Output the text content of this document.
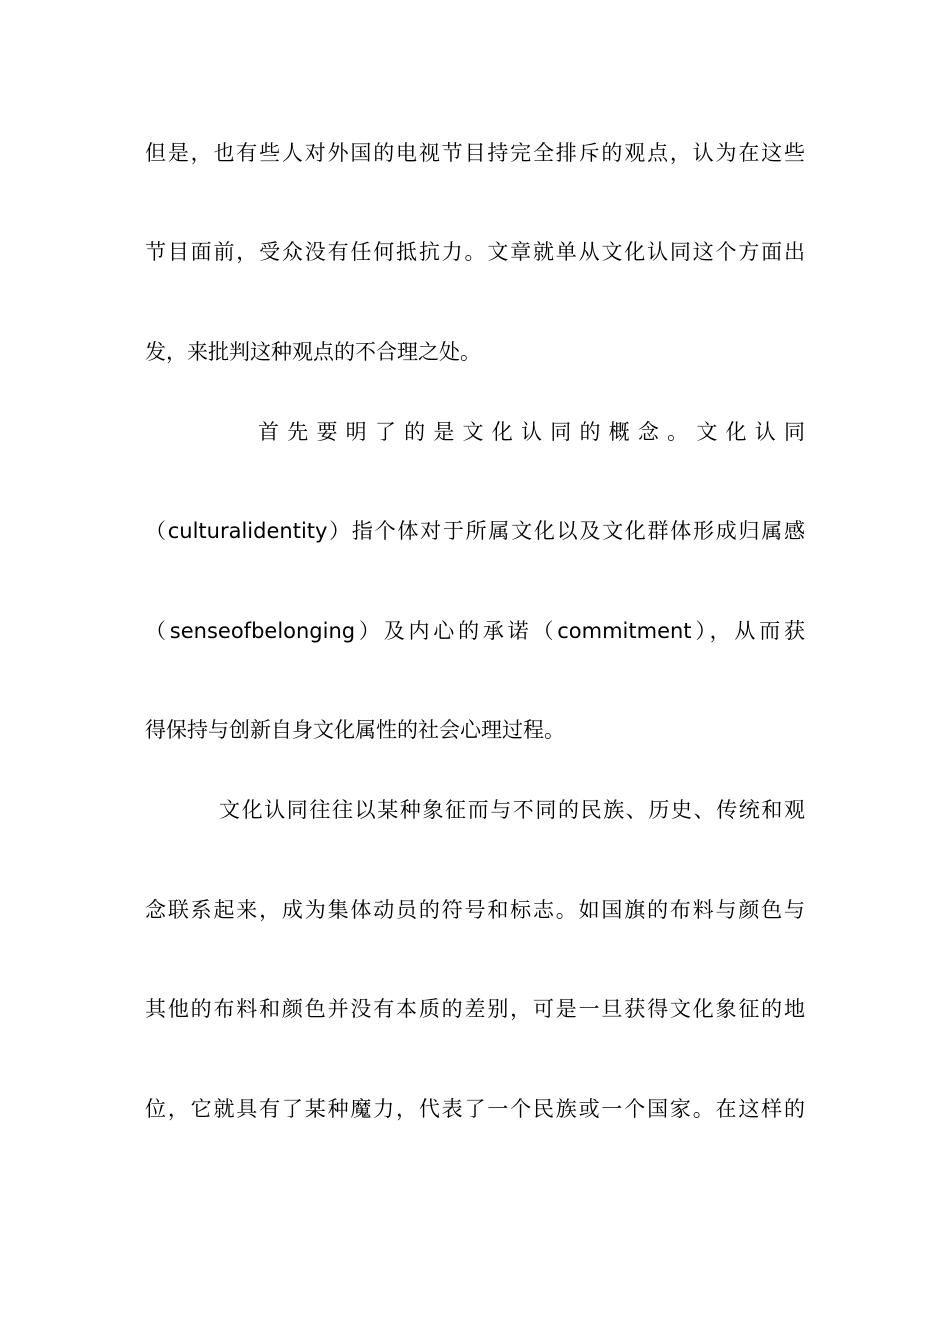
但是，也有些人对外国的电视节目持完全排斥的观点，认为在这些
节目面前，受众没有任何抵抗力。文章就单从文化认同这个方面出
发，来批判这种观点的不合理之处。
首先要明了的是文化认同的概念。文化认同
（culturalidentity）指个体对于所属文化以及文化群体形成归属感
（senseofbelonging）及内心的承诺（commitment），从而获
得保持与创新自身文化属性的社会心理过程。
文化认同往往以某种象征而与不同的民族、历史、传统和观
念联系起来，成为集体动员的符号和标志。如国旗的布料与颜色与
其他的布料和颜色并没有本质的差别，可是一旦获得文化象征的地
位，它就具有了某种魔力，代表了一个民族或一个国家。在这样的
